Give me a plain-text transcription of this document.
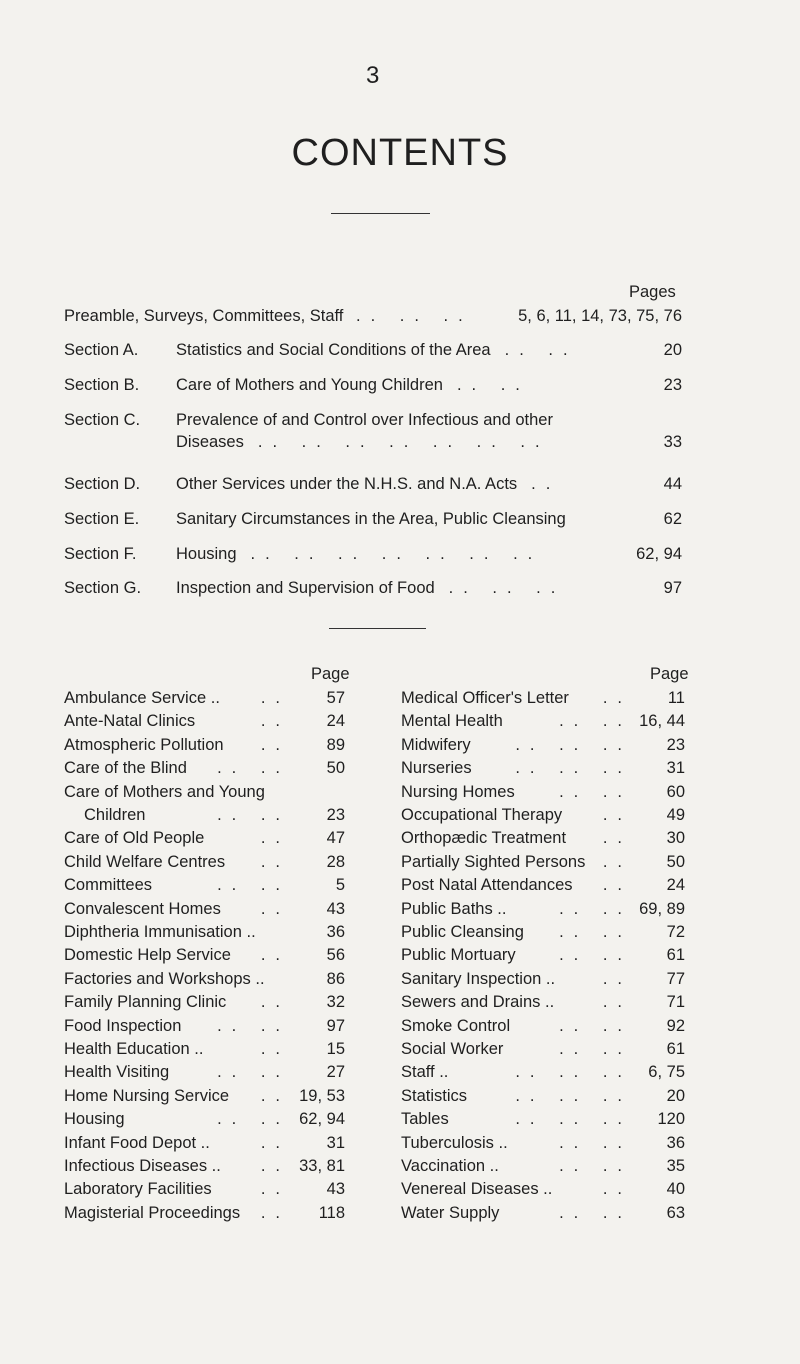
3
CONTENTS
Pages
Preamble, Surveys, Committees, Staff .. .. ..	5, 6, 11, 14, 73, 75, 76
Section A. Statistics and Social Conditions of the Area .. ..	20
Section B. Care of Mothers and Young Children .. ..	23
Section C. Prevalence of and Control over Infectious and other
Diseases .. .. .. .. .. .. ..	33
Section D. Other Services under the N.H.S. and N.A. Acts ..	44
Section E. Sanitary Circumstances in the Area, Public Cleansing	62
Section F. Housing .. .. .. .. .. .. ..	62, 94
Section G. Inspection and Supervision of Food .. .. ..	97
Page	Page
Ambulance Service .. .. 57
Ante-Natal Clinics	.. 24
Atmospheric Pollution .. 89
Care of the Blind .. .. 50
Care of Mothers and Young
Children	.. .. 23
Care of Old People	.. 47
Child Welfare Centres .. 28
Committees	.. ..	5
Convalescent Homes .. 43
Diphtheria Immunisation ..	36
Domestic Help Service .. 56
Factories and Workshops ..	86
Family Planning Clinic .. 32
Food Inspection .. .. 97
Health Education ..	.. 15
Health Visiting	.. .. 27
Home Nursing Service .. 19, 53
Housing	.. .. 62, 94
Infant Food Depot ..	.. 31
Infectious Diseases .. .. 33, 81
Laboratory Facilities	.. 43
Magisterial Proceedings .. 118
Medical Officer's Letter .. 11
Mental Health	.. .. 16, 44
Midwifery	.. .. .. 23
Nurseries	.. .. .. 31
Nursing Homes	.. .. 60
Occupational Therapy .. 49
Orthopædic Treatment .. 30
Partially Sighted Persons .. 50
Post Natal Attendances .. 24
Public Baths ..	.. .. 69, 89
Public Cleansing .. .. 72
Public Mortuary	.. .. 61
Sanitary Inspection ..	.. 77
Sewers and Drains ..	.. 71
Smoke Control	.. .. 92
Social Worker	.. .. 61
Staff ..	.. .. .. 6, 75
Statistics	.. .. .. 20
Tables	.. .. .. 120
Tuberculosis ..	.. .. 36
Vaccination ..	.. .. 35
Venereal Diseases ..	.. 40
Water Supply	.. .. 63
